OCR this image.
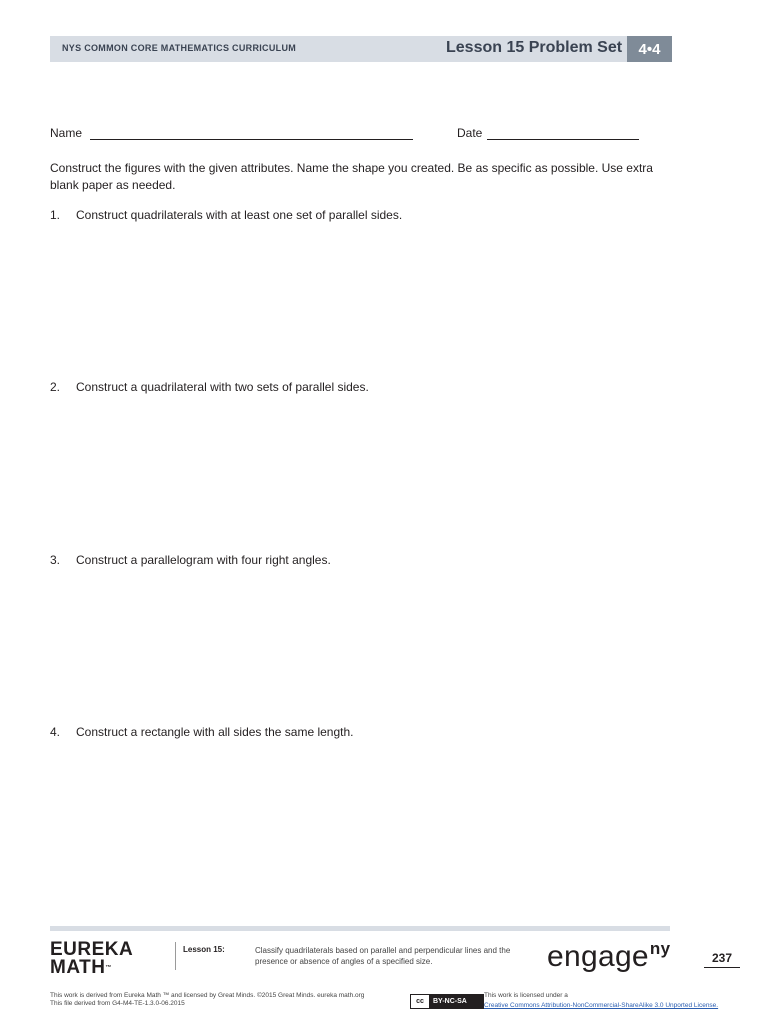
NYS COMMON CORE MATHEMATICS CURRICULUM	Lesson 15 Problem Set	4•4
Name	Date
Construct the figures with the given attributes. Name the shape you created. Be as specific as possible. Use extra blank paper as needed.
1. Construct quadrilaterals with at least one set of parallel sides.
2. Construct a quadrilateral with two sets of parallel sides.
3. Construct a parallelogram with four right angles.
4. Construct a rectangle with all sides the same length.
EUREKA
MATH™
Lesson 15:	Classify quadrilaterals based on parallel and perpendicular lines and the presence or absence of angles of a specified size.	engage$^{ny}$	237
This work is derived from Eureka Math ™ and licensed by Great Minds. ©2015 Great Minds. eureka math.org
This file derived from G4-M4-TE-1.3.0-06.2015	cc	BY-NC-SA
This work is licensed under a
Creative Commons Attribution-NonCommercial-ShareAlike 3.0 Unported License.
